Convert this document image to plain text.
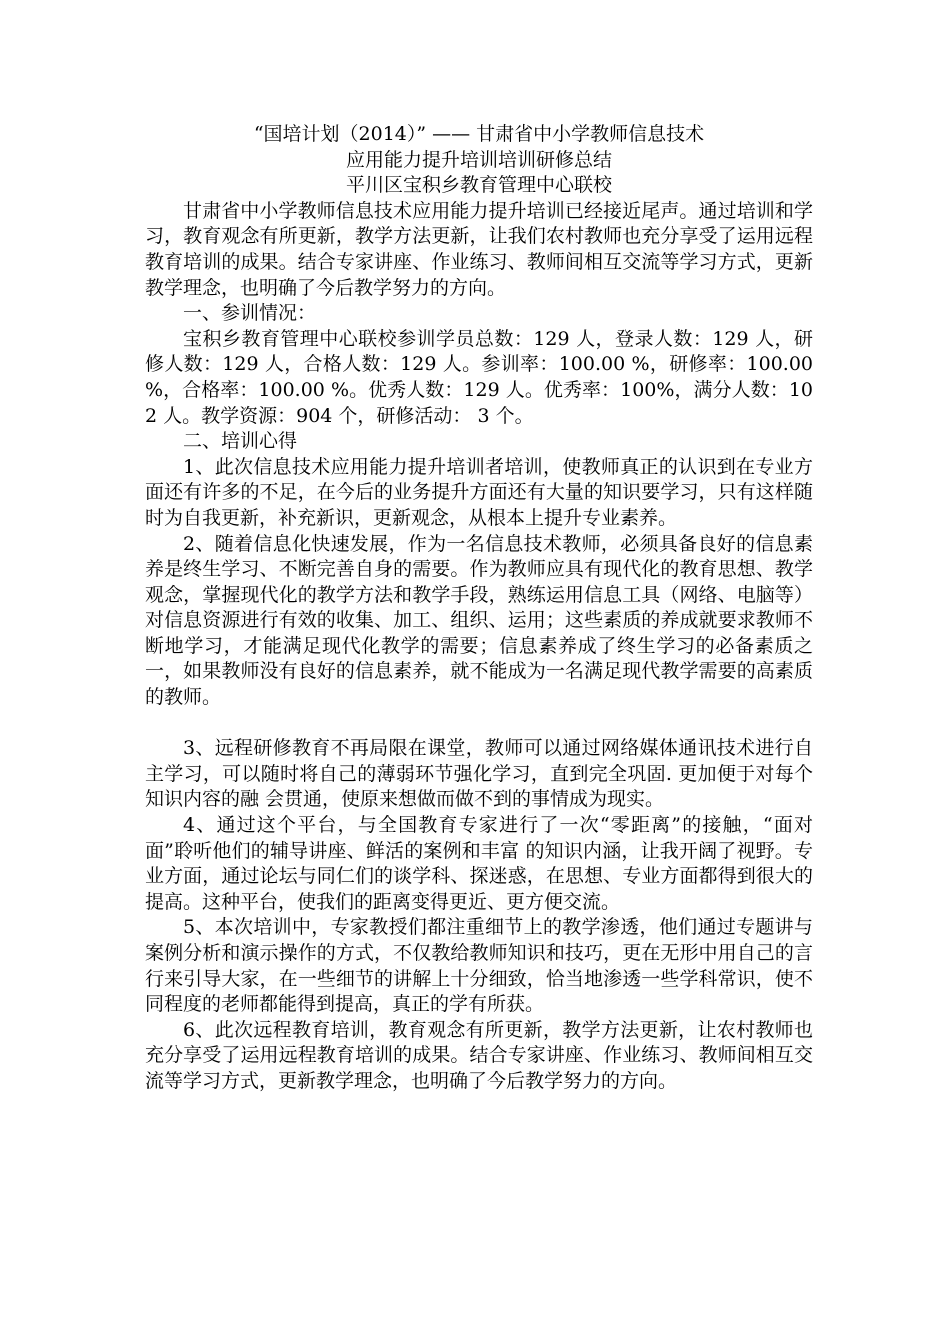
“国培计划（2014）” —— 甘肃省中小学教师信息技术

应用能力提升培训培训研修总结

平川区宝积乡教育管理中心联校

甘肃省中小学教师信息技术应用能力提升培训已经接近尾声。通过培训和学习，教育观念有所更新，教学方法更新，让我们农村教师也充分享受了运用远程教育培训的成果。结合专家讲座、作业练习、教师间相互交流等学习方式，更新教学理念，也明确了今后教学努力的方向。

一、参训情况：

宝积乡教育管理中心联校参训学员总数：129 人，登录人数：129 人，研修人数：129 人，合格人数：129 人。参训率：100.00 %，研修率：100.00 %，合格率：100.00 %。优秀人数：129 人。优秀率：100%，满分人数：102 人。教学资源：904 个，研修活动： 3 个。

二、培训心得

1、此次信息技术应用能力提升培训者培训，使教师真正的认识到在专业方面还有许多的不足，在今后的业务提升方面还有大量的知识要学习，只有这样随时为自我更新，补充新识，更新观念，从根本上提升专业素养。

2、随着信息化快速发展，作为一名信息技术教师，必须具备良好的信息素养是终生学习、不断完善自身的需要。作为教师应具有现代化的教育思想、教学观念，掌握现代化的教学方法和教学手段，熟练运用信息工具（网络、电脑等）对信息资源进行有效的收集、加工、组织、运用；这些素质的养成就要求教师不断地学习，才能满足现代化教学的需要；信息素养成了终生学习的必备素质之一，如果教师没有良好的信息素养，就不能成为一名满足现代教学需要的高素质的教师。

3、远程研修教育不再局限在课堂，教师可以通过网络媒体通讯技术进行自主学习，可以随时将自己的薄弱环节强化学习，直到完全巩固. 更加便于对每个知识内容的融 会贯通，使原来想做而做不到的事情成为现实。

4、通过这个平台，与全国教育专家进行了一次“零距离”的接触，“面对面”聆听他们的辅导讲座、鲜活的案例和丰富 的知识内涵，让我开阔了视野。专业方面，通过论坛与同仁们的谈学科、探迷惑，在思想、专业方面都得到很大的提高。这种平台，使我们的距离变得更近、更方便交流。

5、本次培训中，专家教授们都注重细节上的教学渗透，他们通过专题讲与案例分析和演示操作的方式，不仅教给教师知识和技巧，更在无形中用自己的言行来引导大家，在一些细节的讲解上十分细致，恰当地渗透一些学科常识，使不同程度的老师都能得到提高，真正的学有所获。

6、此次远程教育培训，教育观念有所更新，教学方法更新，让农村教师也充分享受了运用远程教育培训的成果。结合专家讲座、作业练习、教师间相互交流等学习方式，更新教学理念，也明确了今后教学努力的方向。
